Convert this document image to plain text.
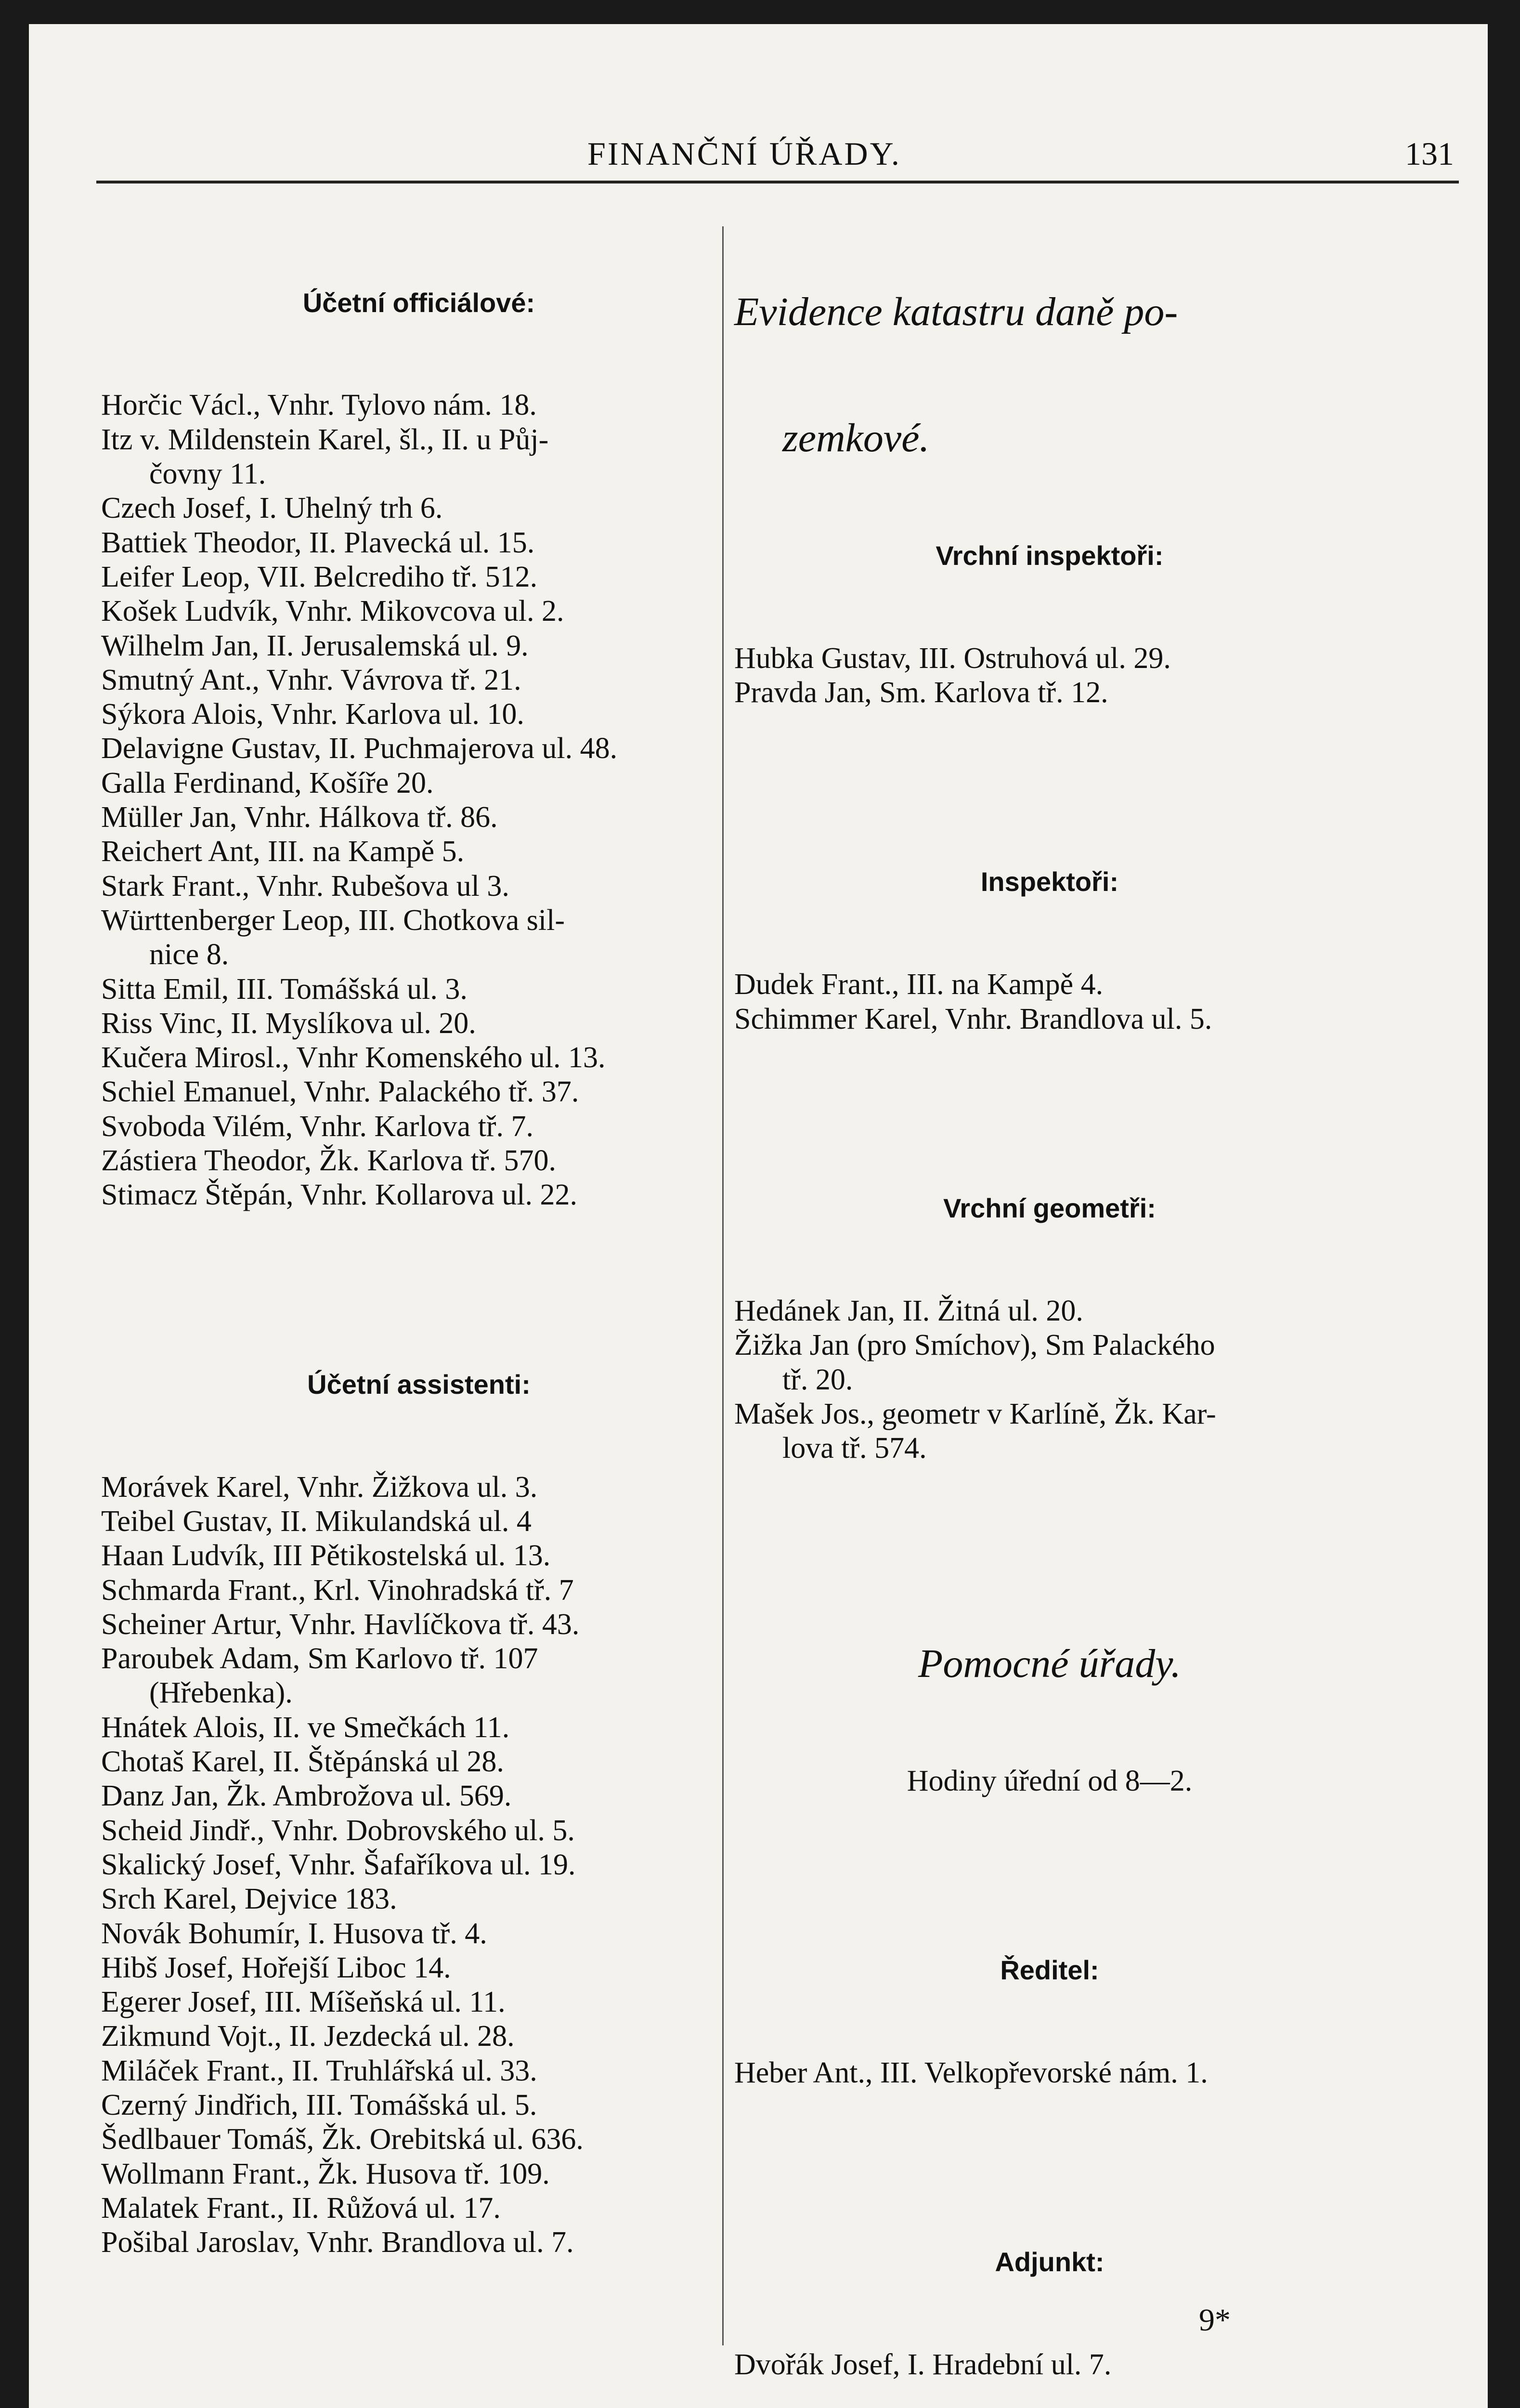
FINANČNÍ ÚŘADY.	131

Účetní officiálové:

Horčic Václ., Vnhr. Tylovo nám. 18.
Itz v. Mildenstein Karel, šl., II. u Půj-
čovny 11.
Czech Josef, I. Uhelný trh 6.
Battiek Theodor, II. Plavecká ul. 15.
Leifer Leop, VII. Belcrediho tř. 512.
Košek Ludvík, Vnhr. Mikovcova ul. 2.
Wilhelm Jan, II. Jerusalemská ul. 9.
Smutný Ant., Vnhr. Vávrova tř. 21.
Sýkora Alois, Vnhr. Karlova ul. 10.
Delavigne Gustav, II. Puchmajerova ul. 48.
Galla Ferdinand, Košíře 20.
Müller Jan, Vnhr. Hálkova tř. 86.
Reichert Ant, III. na Kampě 5.
Stark Frant., Vnhr. Rubešova ul 3.
Württenberger Leop, III. Chotkova sil-
nice 8.
Sitta Emil, III. Tomášská ul. 3.
Riss Vinc, II. Myslíkova ul. 20.
Kučera Mirosl., Vnhr Komenského ul. 13.
Schiel Emanuel, Vnhr. Palackého tř. 37.
Svoboda Vilém, Vnhr. Karlova tř. 7.
Zástiera Theodor, Žk. Karlova tř. 570.
Stimacz Štěpán, Vnhr. Kollarova ul. 22.

Účetní assistenti:

Morávek Karel, Vnhr. Žižkova ul. 3.
Teibel Gustav, II. Mikulandská ul. 4
Haan Ludvík, III Pětikostelská ul. 13.
Schmarda Frant., Krl. Vinohradská tř. 7
Scheiner Artur, Vnhr. Havlíčkova tř. 43.
Paroubek Adam, Sm Karlovo tř. 107
(Hřebenka).
Hnátek Alois, II. ve Smečkách 11.
Chotaš Karel, II. Štěpánská ul 28.
Danz Jan, Žk. Ambrožova ul. 569.
Scheid Jindř., Vnhr. Dobrovského ul. 5.
Skalický Josef, Vnhr. Šafaříkova ul. 19.
Srch Karel, Dejvice 183.
Novák Bohumír, I. Husova tř. 4.
Hibš Josef, Hořejší Liboc 14.
Egerer Josef, III. Míšeňská ul. 11.
Zikmund Vojt., II. Jezdecká ul. 28.
Miláček Frant., II. Truhlářská ul. 33.
Czerný Jindřich, III. Tomášská ul. 5.
Šedlbauer Tomáš, Žk. Orebitská ul. 636.
Wollmann Frant., Žk. Husova tř. 109.
Malatek Frant., II. Růžová ul. 17.
Pošibal Jaroslav, Vnhr. Brandlova ul. 7.

Evidence katastru daně po-

zemkové.

Vrchní inspektoři:

Hubka Gustav, III. Ostruhová ul. 29.
Pravda Jan, Sm. Karlova tř. 12.

Inspektoři:

Dudek Frant., III. na Kampě 4.
Schimmer Karel, Vnhr. Brandlova ul. 5.

Vrchní geometři:

Hedánek Jan, II. Žitná ul. 20.
Žižka Jan (pro Smíchov), Sm Palackého
tř. 20.
Mašek Jos., geometr v Karlíně, Žk. Kar-
lova tř. 574.

Pomocné úřady.

Hodiny úřední od 8—2.

Ředitel:

Heber Ant., III. Velkopřevorské nám. 1.

Adjunkt:

Dvořák Josef, I. Hradební ul. 7.

9*
